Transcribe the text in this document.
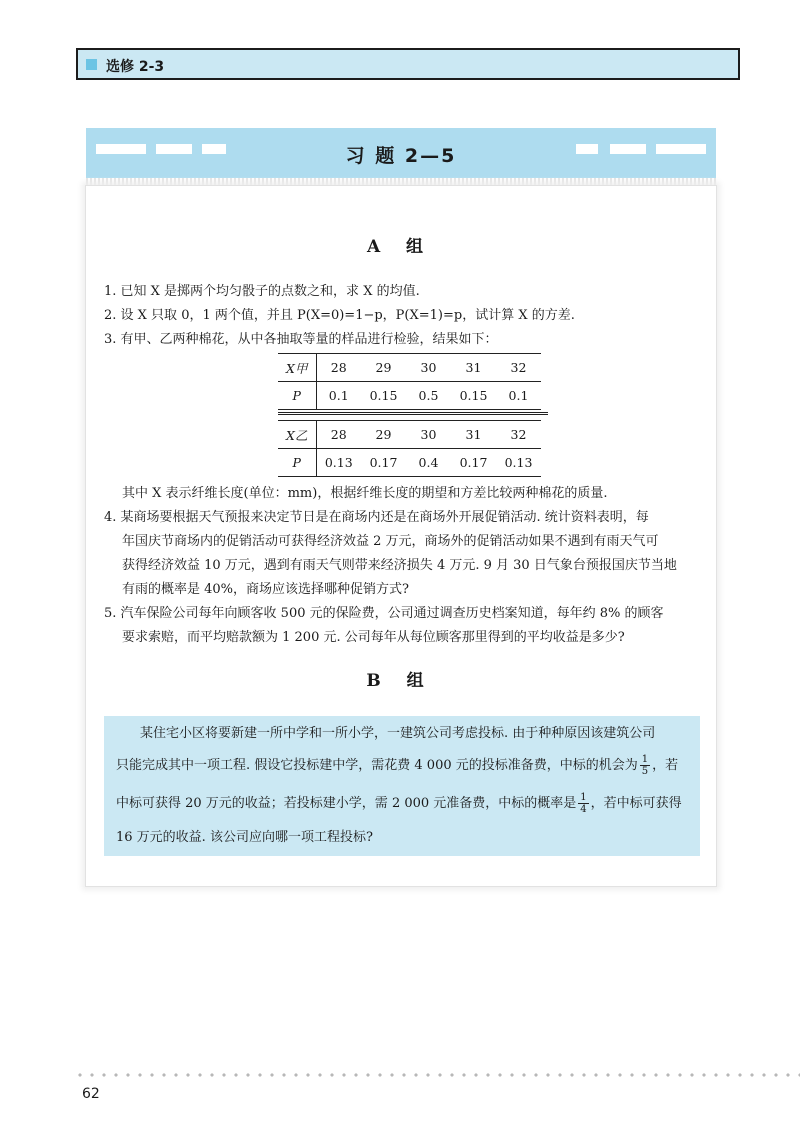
选修 2-3
习 题 2—5
A 组
1. 已知 X 是掷两个均匀骰子的点数之和，求 X 的均值.
2. 设 X 只取 0，1 两个值，并且 P(X=0)=1−p，P(X=1)=p，试计算 X 的方差.
3. 有甲、乙两种棉花，从中各抽取等量的样品进行检验，结果如下：
X甲	28	29	30	31	32
P	0.1	0.15	0.5	0.15	0.1
X乙	28	29	30	31	32
P	0.13	0.17	0.4	0.17	0.13
其中 X 表示纤维长度(单位：mm)，根据纤维长度的期望和方差比较两种棉花的质量.
4. 某商场要根据天气预报来决定节日是在商场内还是在商场外开展促销活动. 统计资料表明，每
年国庆节商场内的促销活动可获得经济效益 2 万元，商场外的促销活动如果不遇到有雨天气可
获得经济效益 10 万元，遇到有雨天气则带来经济损失 4 万元. 9 月 30 日气象台预报国庆节当地
有雨的概率是 40%，商场应该选择哪种促销方式?
5. 汽车保险公司每年向顾客收 500 元的保险费，公司通过调查历史档案知道，每年约 8% 的顾客
要求索赔，而平均赔款额为 1 200 元. 公司每年从每位顾客那里得到的平均收益是多少?
B 组
某住宅小区将要新建一所中学和一所小学，一建筑公司考虑投标. 由于种种原因该建筑公司
只能完成其中一项工程. 假设它投标建中学，需花费 4 000 元的投标准备费，中标的机会为 $\frac{1}{5}$ ，若
中标可获得 20 万元的收益；若投标建小学，需 2 000 元准备费，中标的概率是 $\frac{1}{4}$ ，若中标可获得
16 万元的收益. 该公司应向哪一项工程投标?
62
